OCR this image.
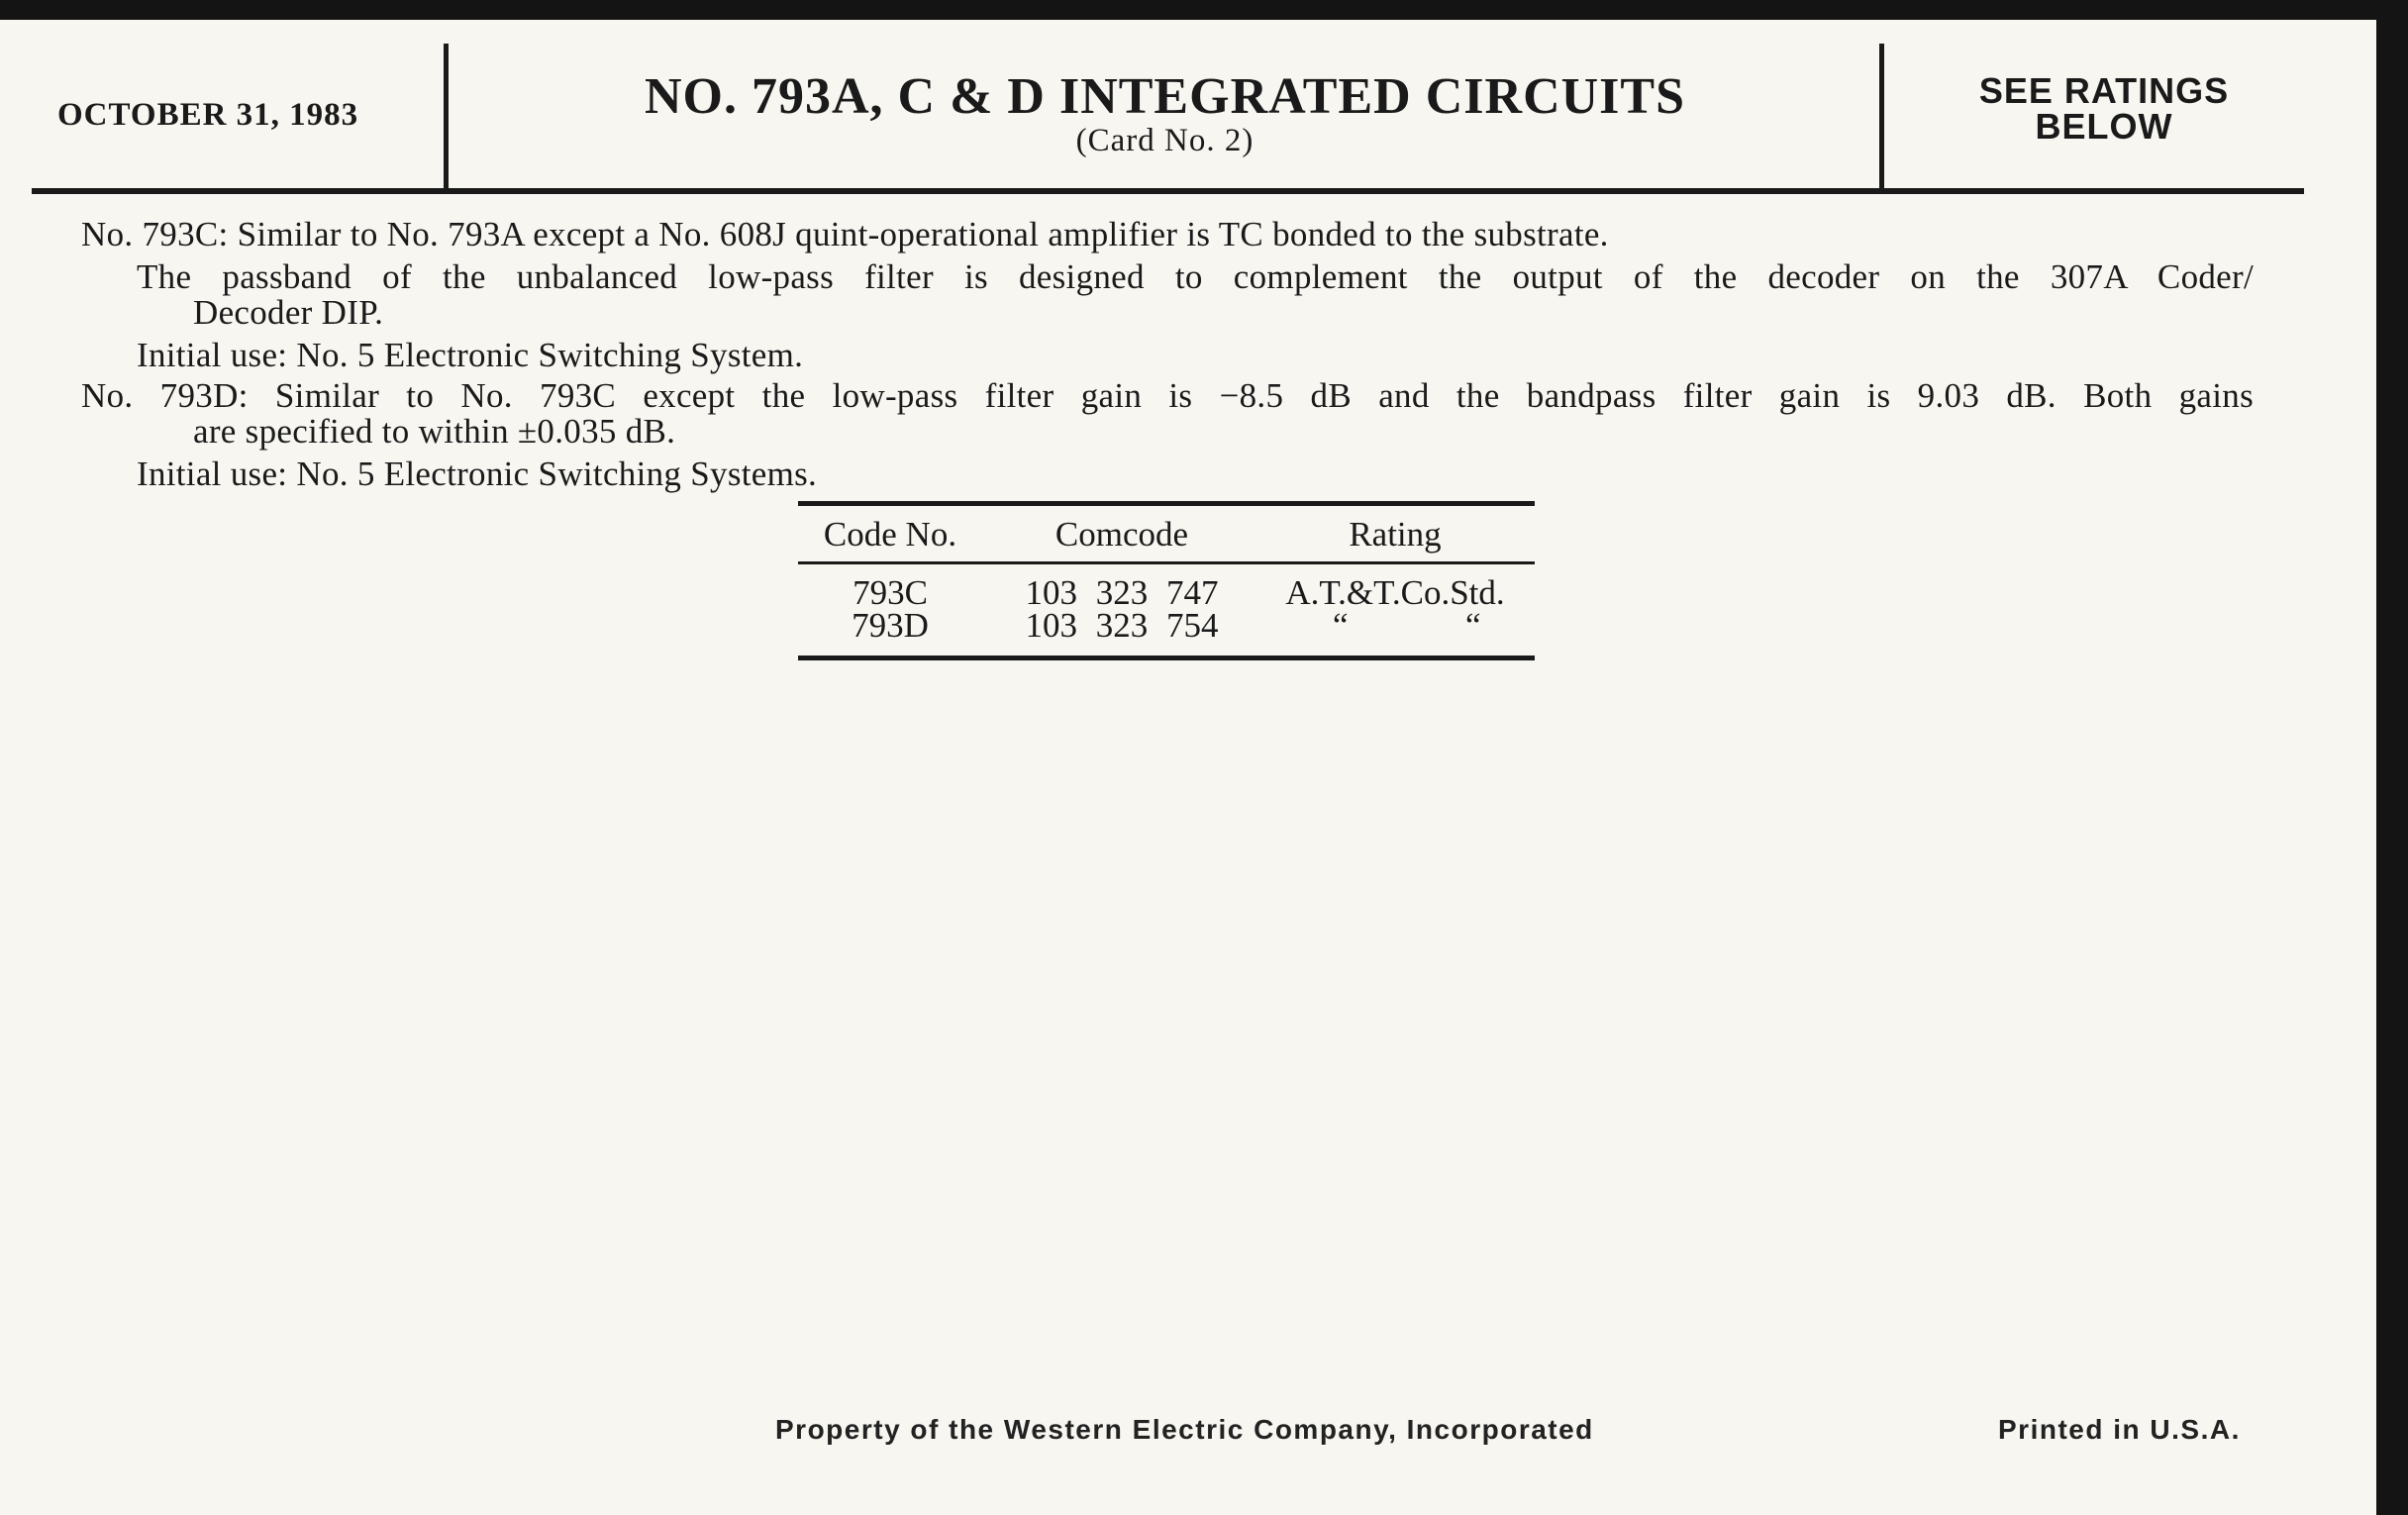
OCTOBER 31, 1983	NO. 793A, C & D INTEGRATED CIRCUITS
(Card No. 2)
SEE RATINGS
BELOW
No. 793C: Similar to No. 793A except a No. 608J quint-operational amplifier is TC bonded to the substrate.
The passband of the unbalanced low-pass filter is designed to complement the output of the decoder on the 307A Coder/
Decoder DIP.
Initial use: No. 5 Electronic Switching System.
No. 793D: Similar to No. 793C except the low-pass filter gain is −8.5 dB and the bandpass filter gain is 9.03 dB. Both gains
are specified to within ±0.035 dB.
Initial use: No. 5 Electronic Switching Systems.
Code No.	Comcode	Rating
793C	103 323 747	A.T.&T.Co.Std.
793D	103 323 754	“	“
Property of the Western Electric Company, Incorporated	Printed in U.S.A.
